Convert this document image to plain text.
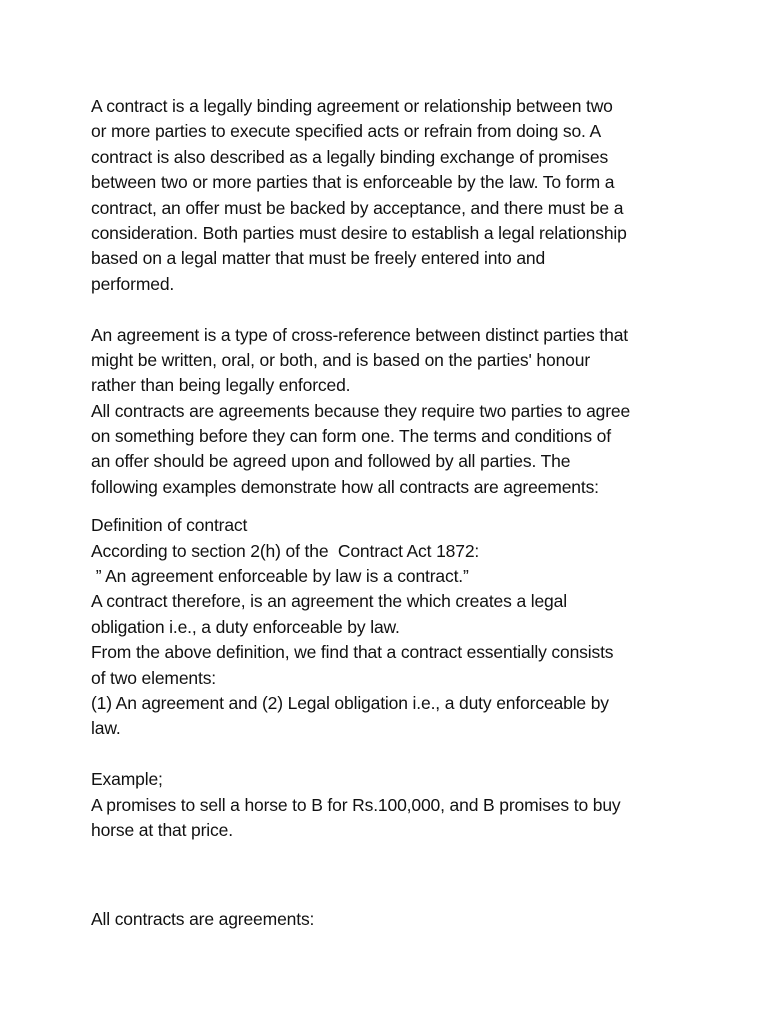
A contract is a legally binding agreement or relationship between two
or more parties to execute specified acts or refrain from doing so. A
contract is also described as a legally binding exchange of promises
between two or more parties that is enforceable by the law. To form a
contract, an offer must be backed by acceptance, and there must be a
consideration. Both parties must desire to establish a legal relationship
based on a legal matter that must be freely entered into and
performed.
An agreement is a type of cross-reference between distinct parties that
might be written, oral, or both, and is based on the parties' honour
rather than being legally enforced.
All contracts are agreements because they require two parties to agree
on something before they can form one. The terms and conditions of
an offer should be agreed upon and followed by all parties. The
following examples demonstrate how all contracts are agreements:
Definition of contract
According to section 2(h) of the  Contract Act 1872:
” An agreement enforceable by law is a contract.”
A contract therefore, is an agreement the which creates a legal
obligation i.e., a duty enforceable by law.
From the above definition, we find that a contract essentially consists
of two elements:
(1) An agreement and (2) Legal obligation i.e., a duty enforceable by
law.
Example;
A promises to sell a horse to B for Rs.100,000, and B promises to buy
horse at that price.
All contracts are agreements:
